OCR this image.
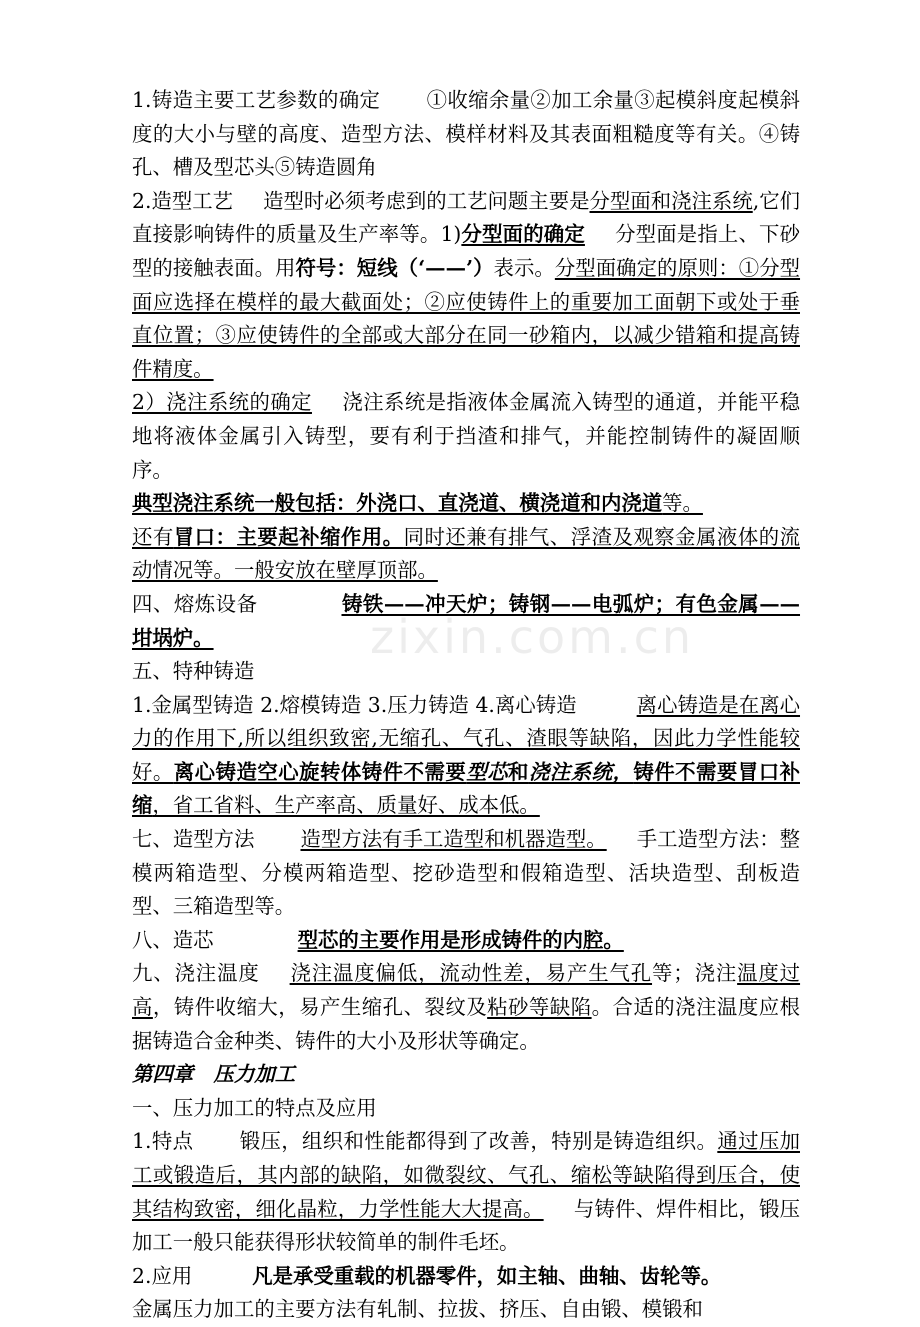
1.铸造主要工艺参数的确定 ①收缩余量②加工余量③起模斜度起模斜度的大小与壁的高度、造型方法、模样材料及其表面粗糙度等有关。④铸孔、槽及型芯头⑤铸造圆角

2.造型工艺 造型时必须考虑到的工艺问题主要是分型面和浇注系统,它们直接影响铸件的质量及生产率等。1)分型面的确定 分型面是指上、下砂型的接触表面。用符号：短线（‘——’）表示。分型面确定的原则：①分型面应选择在模样的最大截面处；②应使铸件上的重要加工面朝下或处于垂直位置；③应使铸件的全部或大部分在同一砂箱内，以减少错箱和提高铸件精度。

2）浇注系统的确定 浇注系统是指液体金属流入铸型的通道，并能平稳地将液体金属引入铸型，要有利于挡渣和排气，并能控制铸件的凝固顺序。

典型浇注系统一般包括：外浇口、直浇道、横浇道和内浇道等。

还有冒口：主要起补缩作用。同时还兼有排气、浮渣及观察金属液体的流动情况等。一般安放在壁厚顶部。

四、熔炼设备	铸铁——冲天炉；铸钢——电弧炉；有色金属——坩埚炉。

五、特种铸造

1.金属型铸造 2.熔模铸造 3.压力铸造 4.离心铸造	离心铸造是在离心力的作用下,所以组织致密,无缩孔、气孔、渣眼等缺陷，因此力学性能较好。离心铸造空心旋转体铸件不需要型芯和浇注系统，铸件不需要冒口补缩，省工省料、生产率高、质量好、成本低。

七、造型方法 造型方法有手工造型和机器造型。 手工造型方法：整模两箱造型、分模两箱造型、挖砂造型和假箱造型、活块造型、刮板造型、三箱造型等。

八、造芯	型芯的主要作用是形成铸件的内腔。

九、浇注温度 浇注温度偏低，流动性差，易产生气孔等；浇注温度过高，铸件收缩大，易产生缩孔、裂纹及粘砂等缺陷。合适的浇注温度应根据铸造合金种类、铸件的大小及形状等确定。

第四章　压力加工

一、压力加工的特点及应用

1.特点 锻压，组织和性能都得到了改善，特别是铸造组织。通过压加工或锻造后，其内部的缺陷，如微裂纹、气孔、缩松等缺陷得到压合，使其结构致密，细化晶粒，力学性能大大提高。 与铸件、焊件相比，锻压加工一般只能获得形状较简单的制件毛坯。

2.应用	凡是承受重载的机器零件，如主轴、曲轴、齿轮等。

金属压力加工的主要方法有轧制、拉拔、挤压、自由锻、模锻和

zixin.com.cn
